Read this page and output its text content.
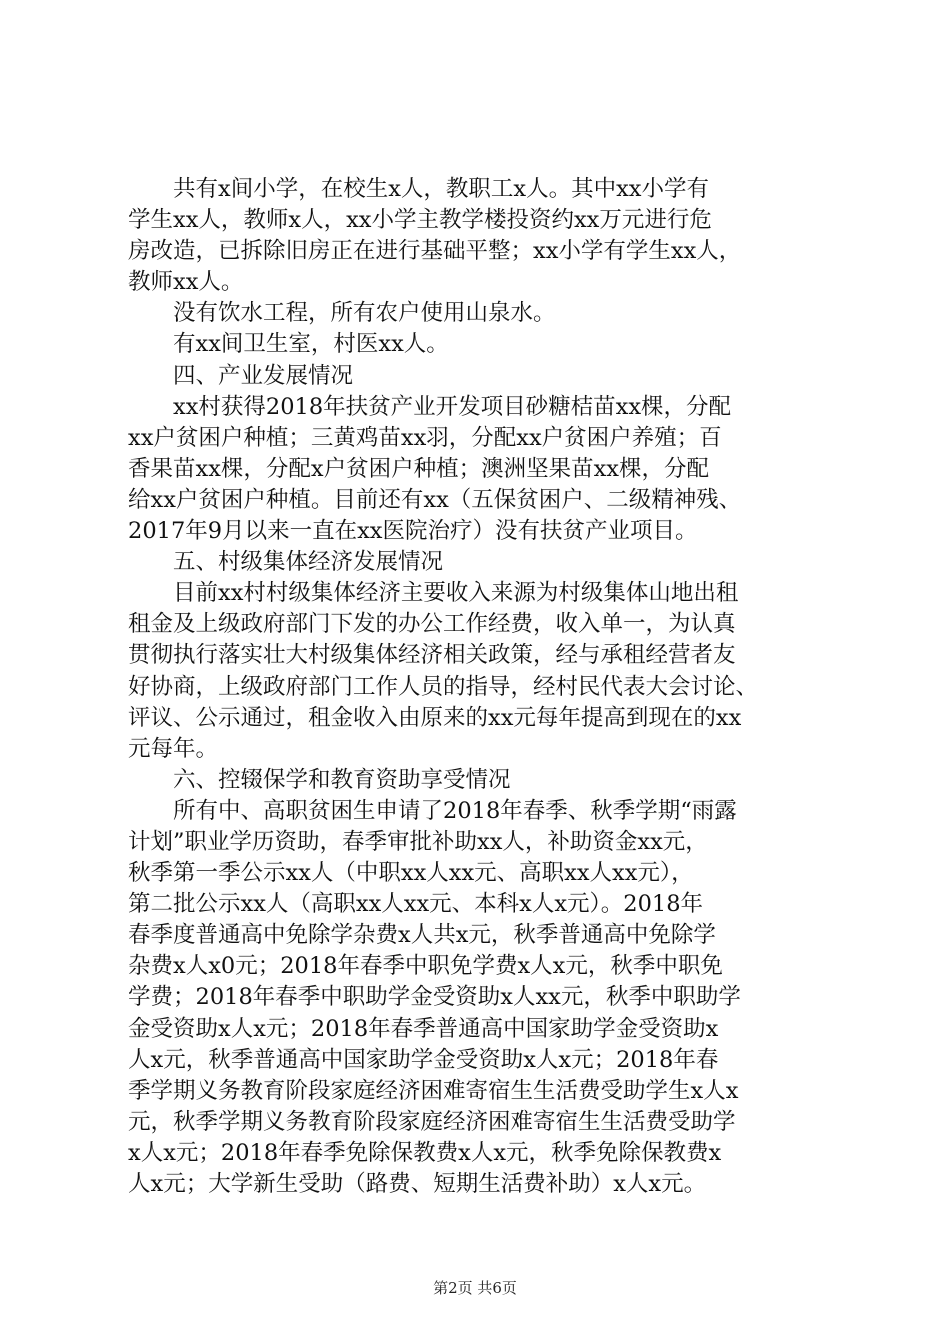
　　共有x间小学，在校生x人，教职工x人。其中xx小学有
学生xx人，教师x人，xx小学主教学楼投资约xx万元进行危
房改造，已拆除旧房正在进行基础平整；xx小学有学生xx人，
教师xx人。
　　没有饮水工程，所有农户使用山泉水。
　　有xx间卫生室，村医xx人。
　　四、产业发展情况
　　xx村获得2018年扶贫产业开发项目砂糖桔苗xx棵，分配
xx户贫困户种植；三黄鸡苗xx羽，分配xx户贫困户养殖；百
香果苗xx棵，分配x户贫困户种植；澳洲坚果苗xx棵，分配
给xx户贫困户种植。目前还有xx（五保贫困户、二级精神残、
2017年9月以来一直在xx医院治疗）没有扶贫产业项目。
　　五、村级集体经济发展情况
　　目前xx村村级集体经济主要收入来源为村级集体山地出租
租金及上级政府部门下发的办公工作经费，收入单一，为认真
贯彻执行落实壮大村级集体经济相关政策，经与承租经营者友
好协商，上级政府部门工作人员的指导，经村民代表大会讨论、
评议、公示通过，租金收入由原来的xx元每年提高到现在的xx
元每年。
　　六、控辍保学和教育资助享受情况
　　所有中、高职贫困生申请了2018年春季、秋季学期“雨露
计划”职业学历资助，春季审批补助xx人，补助资金xx元，
秋季第一季公示xx人（中职xx人xx元、高职xx人xx元），
第二批公示xx人（高职xx人xx元、本科x人x元）。2018年
春季度普通高中免除学杂费x人共x元，秋季普通高中免除学
杂费x人x0元；2018年春季中职免学费x人x元，秋季中职免
学费；2018年春季中职助学金受资助x人xx元，秋季中职助学
金受资助x人x元；2018年春季普通高中国家助学金受资助x
人x元，秋季普通高中国家助学金受资助x人x元；2018年春
季学期义务教育阶段家庭经济困难寄宿生生活费受助学生x人x
元，秋季学期义务教育阶段家庭经济困难寄宿生生活费受助学
x人x元；2018年春季免除保教费x人x元，秋季免除保教费x
人x元；大学新生受助（路费、短期生活费补助）x人x元。
第2页 共6页
